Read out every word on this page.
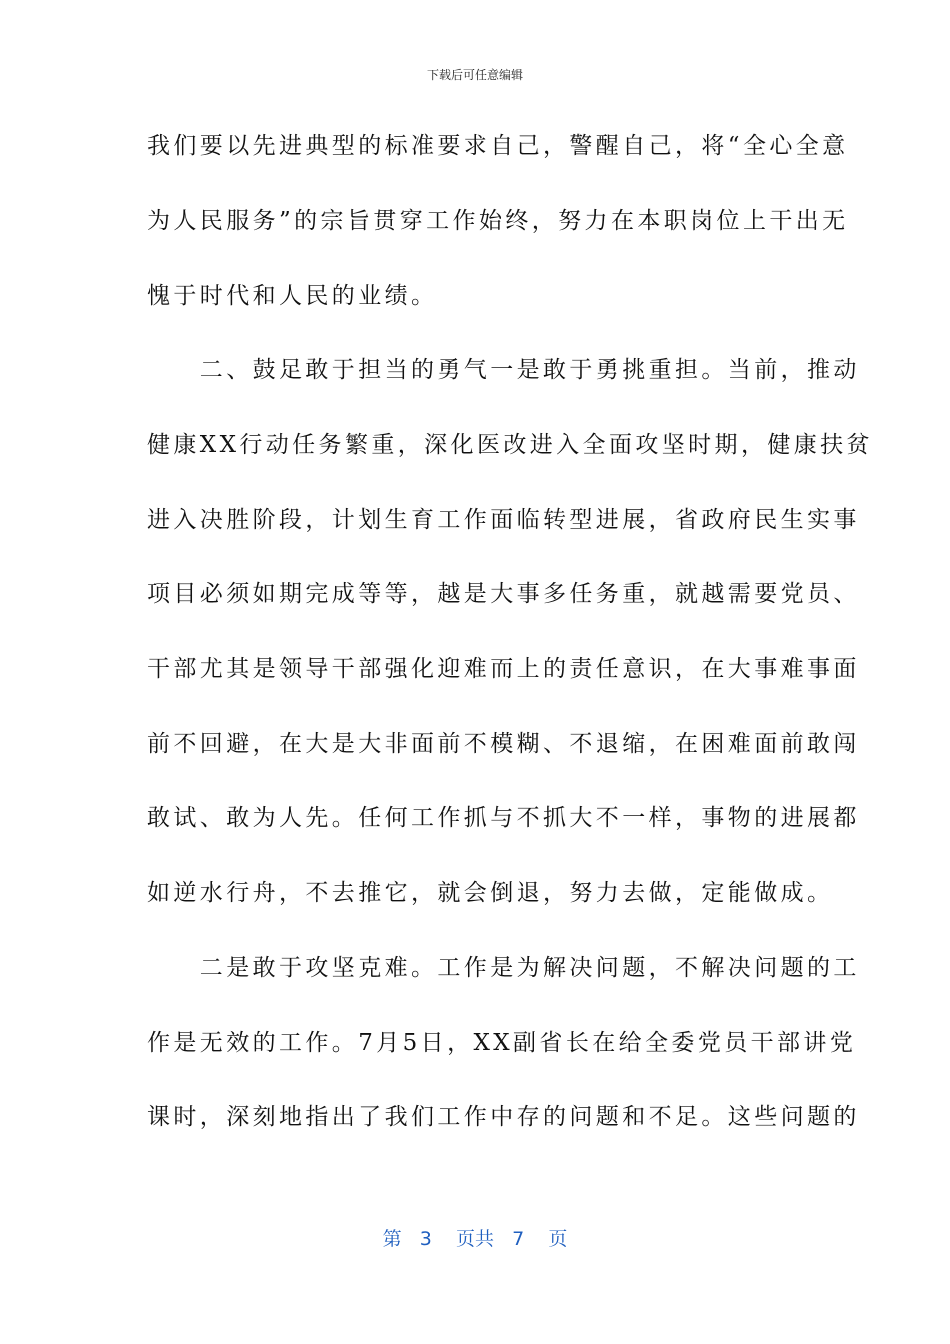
下载后可任意编辑
我们要以先进典型的标准要求自己，警醒自己，将“全心全意
为人民服务”的宗旨贯穿工作始终，努力在本职岗位上干出无
愧于时代和人民的业绩。
　　二、鼓足敢于担当的勇气一是敢于勇挑重担。当前，推动
健康XX行动任务繁重，深化医改进入全面攻坚时期，健康扶贫
进入决胜阶段，计划生育工作面临转型进展，省政府民生实事
项目必须如期完成等等，越是大事多任务重，就越需要党员、
干部尤其是领导干部强化迎难而上的责任意识，在大事难事面
前不回避，在大是大非面前不模糊、不退缩，在困难面前敢闯
敢试、敢为人先。任何工作抓与不抓大不一样，事物的进展都
如逆水行舟，不去推它，就会倒退，努力去做，定能做成。
　　二是敢于攻坚克难。工作是为解决问题，不解决问题的工
作是无效的工作。7月5日，XX副省长在给全委党员干部讲党
课时，深刻地指出了我们工作中存的问题和不足。这些问题的
第 3 页共 7 页
